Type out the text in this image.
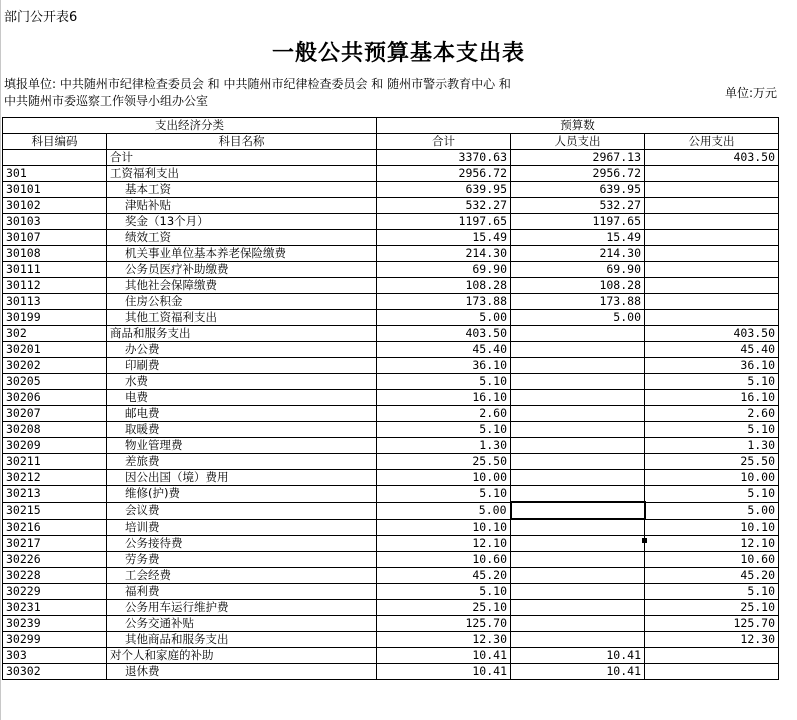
部门公开表6
一般公共预算基本支出表
填报单位: 中共随州市纪律检查委员会 和 中共随州市纪律检查委员会 和 随州市警示教育中心 和 中共随州市委巡察工作领导小组办公室
单位:万元
支出经济分类		预算数		
科目编码	科目名称	合计	人员支出	公用支出
	合计	3370.63	2967.13	403.50
301	工资福利支出	2956.72	2956.72	
30101	基本工资	639.95	639.95	
30102	津贴补贴	532.27	532.27	
30103	奖金（13个月）	1197.65	1197.65	
30107	绩效工资	15.49	15.49	
30108	机关事业单位基本养老保险缴费	214.30	214.30	
30111	公务员医疗补助缴费	69.90	69.90	
30112	其他社会保障缴费	108.28	108.28	
30113	住房公积金	173.88	173.88	
30199	其他工资福利支出	5.00	5.00	
302	商品和服务支出	403.50		403.50
30201	办公费	45.40		45.40
30202	印刷费	36.10		36.10
30205	水费	5.10		5.10
30206	电费	16.10		16.10
30207	邮电费	2.60		2.60
30208	取暖费	5.10		5.10
30209	物业管理费	1.30		1.30
30211	差旅费	25.50		25.50
30212	因公出国（境）费用	10.00		10.00
30213	维修(护)费	5.10		5.10
30215	会议费	5.00		5.00
30216	培训费	10.10		10.10
30217	公务接待费	12.10		12.10
30226	劳务费	10.60		10.60
30228	工会经费	45.20		45.20
30229	福利费	5.10		5.10
30231	公务用车运行维护费	25.10		25.10
30239	公务交通补贴	125.70		125.70
30299	其他商品和服务支出	12.30		12.30
303	对个人和家庭的补助	10.41	10.41	
30302	退休费	10.41	10.41	
